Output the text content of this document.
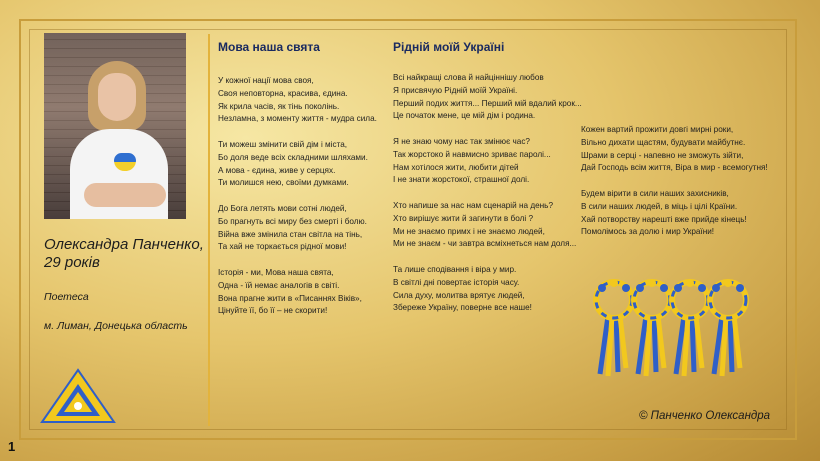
Олександра Панченко,
29 років
Поетеса
м. Лиман, Донецька область
Мова наша свята
У кожної нації мова своя,
Своя неповторна, красива, єдина.
Як крила часів, як тінь поколінь.
Незламна, з моменту життя - мудра сила.
Ти можеш змінити свій дім і міста,
Бо доля веде всіх складними шляхами.
А мова - єдина, живе у серцях.
Ти молишся нею, своїми думками.
До Бога летять мови сотні людей,
Бо прагнуть всі миру без смерті і болю.
Війна вже змінила стан світла на тінь,
Та хай не торкається рідної мови!
Історія - ми, Мова наша свята,
Одна - їй немає аналогів в світі.
Вона прагне жити в «Писаннях Віків»,
Цінуйте її, бо її – не скорити!
Рідній моїй Україні
Всі найкращі слова й найціннішу любов
Я присвячую Рідній моїй Україні.
Перший подих життя... Перший мій вдалий крок...
Це початок мене, це мій дім і родина.
Я не знаю чому нас так змінює час?
Так жорстоко й навмисно зриває паролі...
Нам хотілося жити, любити дітей
І не знати жорстокої, страшної долі.
Хто напише за нас нам сценарій на день?
Хто вирішує жити й загинути в болі ?
Ми не знаємо примх і не знаємо людей,
Ми не знаєм - чи завтра всміхнеться нам доля...
Та лише сподівання і віра у мир.
В світлі дні повертає історія часу.
Сила духу, молитва врятує людей,
Збереже Україну, поверне все наше!
Кожен вартий прожити довгі мирні роки,
Вільно дихати щастям, будувати майбутнє.
Шрами в серці - напевно не зможуть зійти,
Дай Господь всім життя, Віра в мир - всемогутня!
Будем вірити в сили наших захисників,
В сили наших людей, в міць і цілі Країни.
Хай потворству нарешті вже прийде кінець!
Помолімось за долю і мир України!
© Панченко Олександра
1
